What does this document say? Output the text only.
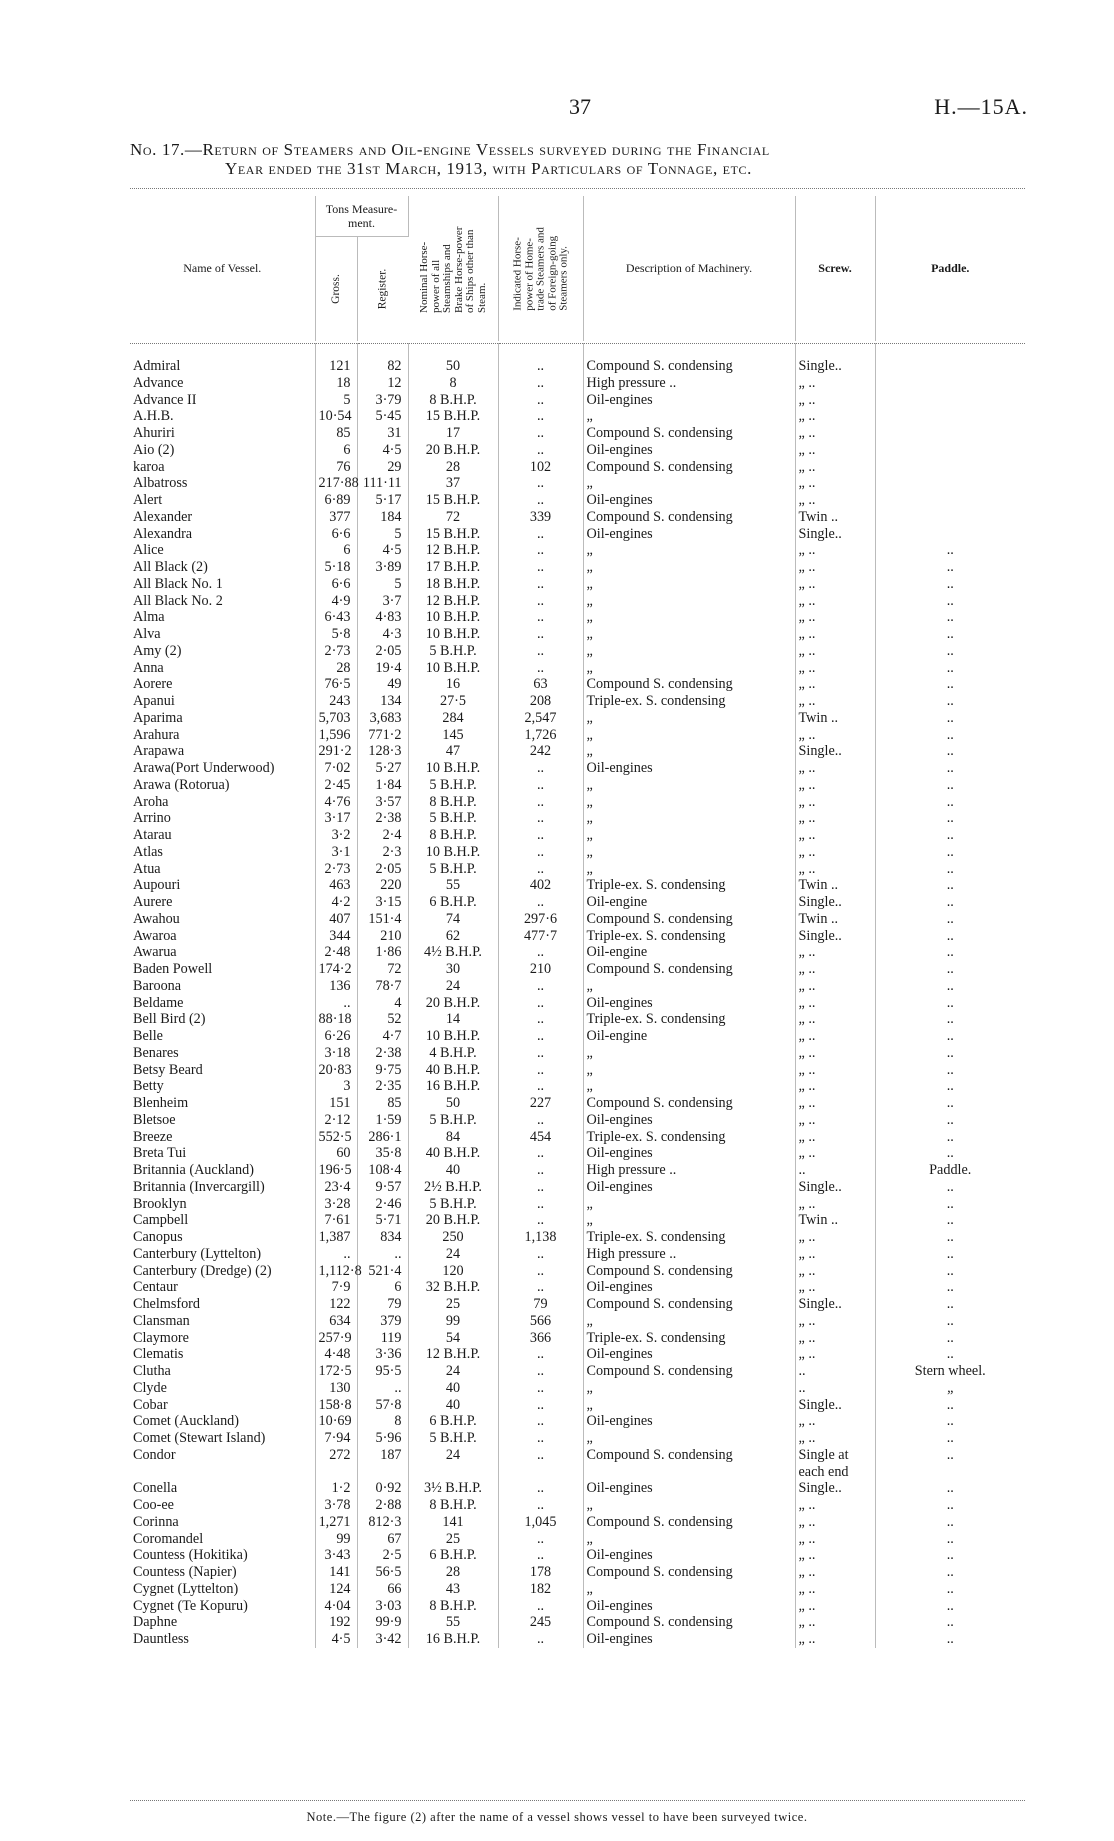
37	H.—15A.
No. 17.—Return of Steamers and Oil-engine Vessels surveyed during the Financial
Year ended the 31st March, 1913, with Particulars of Tonnage, etc.
Name of Vessel.	Tons Measure-ment.		Nominal Horse-power of all Steamships and Brake Horse-power of Ships other than Steam.	Indicated Horse-power of Home-trade Steamers and of Foreign-going Steamers only.	Description of Machinery.	Screw.	Paddle.

	Gross.	Register.					

Admiral	121	82	50	..	Compound S. condensing	Single..	
Advance	18	12	8	..	High pressure ..	„ ..	
Advance II	5	3·79	8 B.H.P.	..	Oil-engines	„ ..	
A.H.B.	10·54	5·45	15 B.H.P.	..	„	„ ..	
Ahuriri	85	31	17	..	Compound S. condensing	„ ..	
Aio (2)	6	4·5	20 B.H.P.	..	Oil-engines	„ ..	
karoa	76	29	28	102	Compound S. condensing	„ ..	
Albatross	217·88	111·11	37	..	„	„ ..	
Alert	6·89	5·17	15 B.H.P.	..	Oil-engines	„ ..	
Alexander	377	184	72	339	Compound S. condensing	Twin ..	
Alexandra	6·6	5	15 B.H.P.	..	Oil-engines	Single..	
Alice	6	4·5	12 B.H.P.	..	„	„ ..	..
All Black (2)	5·18	3·89	17 B.H.P.	..	„	„ ..	..
All Black No. 1	6·6	5	18 B.H.P.	..	„	„ ..	..
All Black No. 2	4·9	3·7	12 B.H.P.	..	„	„ ..	..
Alma	6·43	4·83	10 B.H.P.	..	„	„ ..	..
Alva	5·8	4·3	10 B.H.P.	..	„	„ ..	..
Amy (2)	2·73	2·05	5 B.H.P.	..	„	„ ..	..
Anna	28	19·4	10 B.H.P.	..	„	„ ..	..
Aorere	76·5	49	16	63	Compound S. condensing	„ ..	..
Apanui	243	134	27·5	208	Triple-ex. S. condensing	„ ..	..
Aparima	5,703	3,683	284	2,547	„	Twin ..	..
Arahura	1,596	771·2	145	1,726	„	„ ..	..
Arapawa	291·2	128·3	47	242	„	Single..	..
Arawa(Port Underwood)	7·02	5·27	10 B.H.P.	..	Oil-engines	„ ..	..
Arawa (Rotorua)	2·45	1·84	5 B.H.P.	..	„	„ ..	..
Aroha	4·76	3·57	8 B.H.P.	..	„	„ ..	..
Arrino	3·17	2·38	5 B.H.P.	..	„	„ ..	..
Atarau	3·2	2·4	8 B.H.P.	..	„	„ ..	..
Atlas	3·1	2·3	10 B.H.P.	..	„	„ ..	..
Atua	2·73	2·05	5 B.H.P.	..	„	„ ..	..
Aupouri	463	220	55	402	Triple-ex. S. condensing	Twin ..	..
Aurere	4·2	3·15	6 B.H.P.	..	Oil-engine	Single..	..
Awahou	407	151·4	74	297·6	Compound S. condensing	Twin ..	..
Awaroa	344	210	62	477·7	Triple-ex. S. condensing	Single..	..
Awarua	2·48	1·86	4½ B.H.P.	..	Oil-engine	„ ..	..
Baden Powell	174·2	72	30	210	Compound S. condensing	„ ..	..
Baroona	136	78·7	24	..	„	„ ..	..
Beldame	..	4	20 B.H.P.	..	Oil-engines	„ ..	..
Bell Bird (2)	88·18	52	14	..	Triple-ex. S. condensing	„ ..	..
Belle	6·26	4·7	10 B.H.P.	..	Oil-engine	„ ..	..
Benares	3·18	2·38	4 B.H.P.	..	„	„ ..	..
Betsy Beard	20·83	9·75	40 B.H.P.	..	„	„ ..	..
Betty	3	2·35	16 B.H.P.	..	„	„ ..	..
Blenheim	151	85	50	227	Compound S. condensing	„ ..	..
Bletsoe	2·12	1·59	5 B.H.P.	..	Oil-engines	„ ..	..
Breeze	552·5	286·1	84	454	Triple-ex. S. condensing	„ ..	..
Breta Tui	60	35·8	40 B.H.P.	..	Oil-engines	„ ..	..
Britannia (Auckland)	196·5	108·4	40	..	High pressure ..	..	Paddle.
Britannia (Invercargill)	23·4	9·57	2½ B.H.P.	..	Oil-engines	Single..	..
Brooklyn	3·28	2·46	5 B.H.P.	..	„	„ ..	..
Campbell	7·61	5·71	20 B.H.P.	..	„	Twin ..	..
Canopus	1,387	834	250	1,138	Triple-ex. S. condensing	„ ..	..
Canterbury (Lyttelton)	..	..	24	..	High pressure ..	„ ..	..
Canterbury (Dredge) (2)	1,112·8	521·4	120	..	Compound S. condensing	„ ..	..
Centaur	7·9	6	32 B.H.P.	..	Oil-engines	„ ..	..
Chelmsford	122	79	25	79	Compound S. condensing	Single..	..
Clansman	634	379	99	566	„	„ ..	..
Claymore	257·9	119	54	366	Triple-ex. S. condensing	„ ..	..
Clematis	4·48	3·36	12 B.H.P.	..	Oil-engines	„ ..	..
Clutha	172·5	95·5	24	..	Compound S. condensing	..	Stern wheel.
Clyde	130	..	40	..	„	..	„
Cobar	158·8	57·8	40	..	„	Single..	..
Comet (Auckland)	10·69	8	6 B.H.P.	..	Oil-engines	„ ..	..
Comet (Stewart Island)	7·94	5·96	5 B.H.P.	..	„	„ ..	..
Condor	272	187	24	..	Compound S. condensing	Single at	..
						each end	
Conella	1·2	0·92	3½ B.H.P.	..	Oil-engines	Single..	..
Coo-ee	3·78	2·88	8 B.H.P.	..	„	„ ..	..
Corinna	1,271	812·3	141	1,045	Compound S. condensing	„ ..	..
Coromandel	99	67	25	..	„	„ ..	..
Countess (Hokitika)	3·43	2·5	6 B.H.P.	..	Oil-engines	„ ..	..
Countess (Napier)	141	56·5	28	178	Compound S. condensing	„ ..	..
Cygnet (Lyttelton)	124	66	43	182	„	„ ..	..
Cygnet (Te Kopuru)	4·04	3·03	8 B.H.P.	..	Oil-engines	„ ..	..
Daphne	192	99·9	55	245	Compound S. condensing	„ ..	..
Dauntless	4·5	3·42	16 B.H.P.	..	Oil-engines	„ ..	..
Note.—The figure (2) after the name of a vessel shows vessel to have been surveyed twice.
